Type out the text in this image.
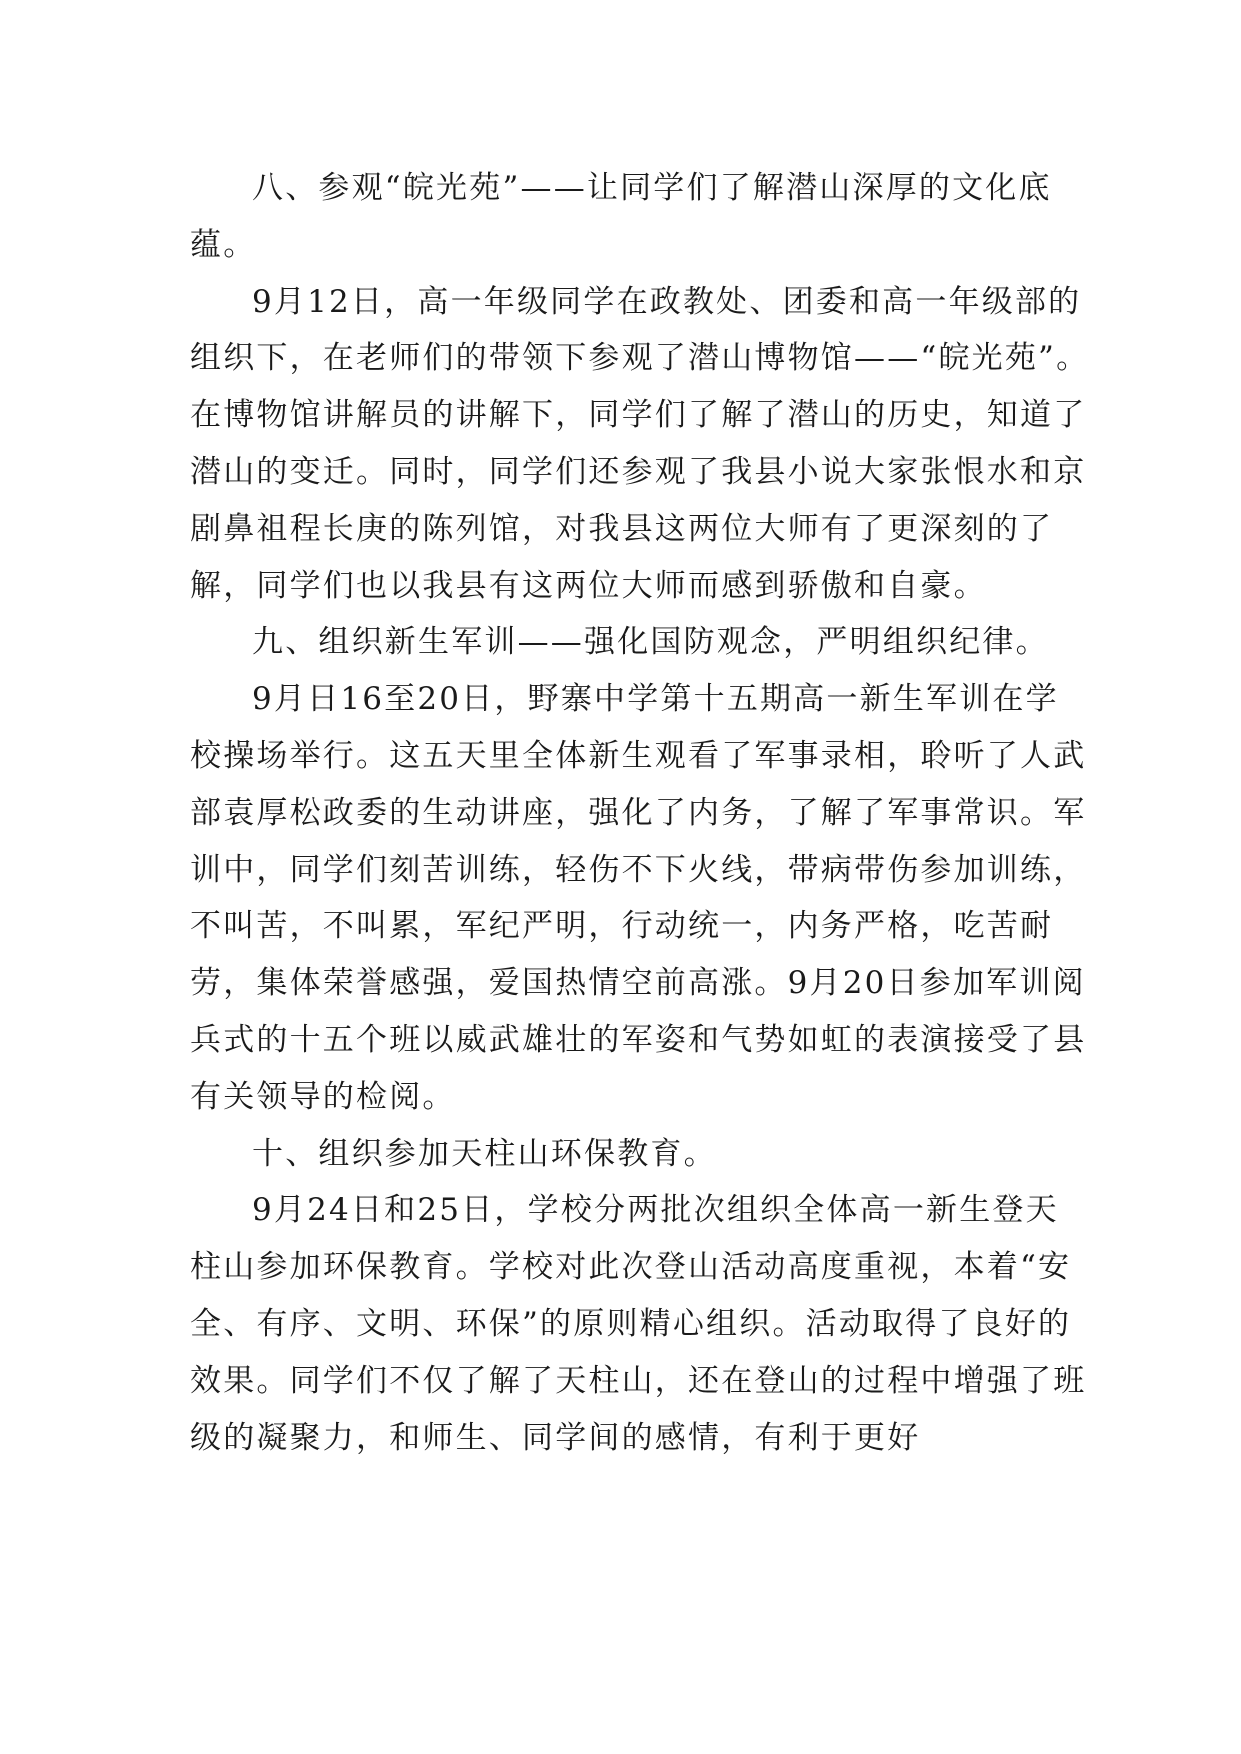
八、参观“皖光苑”——让同学们了解潜山深厚的文化底蕴。

9月12日，高一年级同学在政教处、团委和高一年级部的组织下，在老师们的带领下参观了潜山博物馆——“皖光苑”。在博物馆讲解员的讲解下，同学们了解了潜山的历史，知道了潜山的变迁。同时，同学们还参观了我县小说大家张恨水和京剧鼻祖程长庚的陈列馆，对我县这两位大师有了更深刻的了解，同学们也以我县有这两位大师而感到骄傲和自豪。

九、组织新生军训——强化国防观念，严明组织纪律。

9月日16至20日，野寨中学第十五期高一新生军训在学校操场举行。这五天里全体新生观看了军事录相，聆听了人武部袁厚松政委的生动讲座，强化了内务，了解了军事常识。军训中，同学们刻苦训练，轻伤不下火线，带病带伤参加训练，不叫苦，不叫累，军纪严明，行动统一，内务严格，吃苦耐劳，集体荣誉感强，爱国热情空前高涨。9月20日参加军训阅兵式的十五个班以威武雄壮的军姿和气势如虹的表演接受了县有关领导的检阅。

十、组织参加天柱山环保教育。

9月24日和25日，学校分两批次组织全体高一新生登天柱山参加环保教育。学校对此次登山活动高度重视，本着“安全、有序、文明、环保”的原则精心组织。活动取得了良好的效果。同学们不仅了解了天柱山，还在登山的过程中增强了班级的凝聚力，和师生、同学间的感情，有利于更好
